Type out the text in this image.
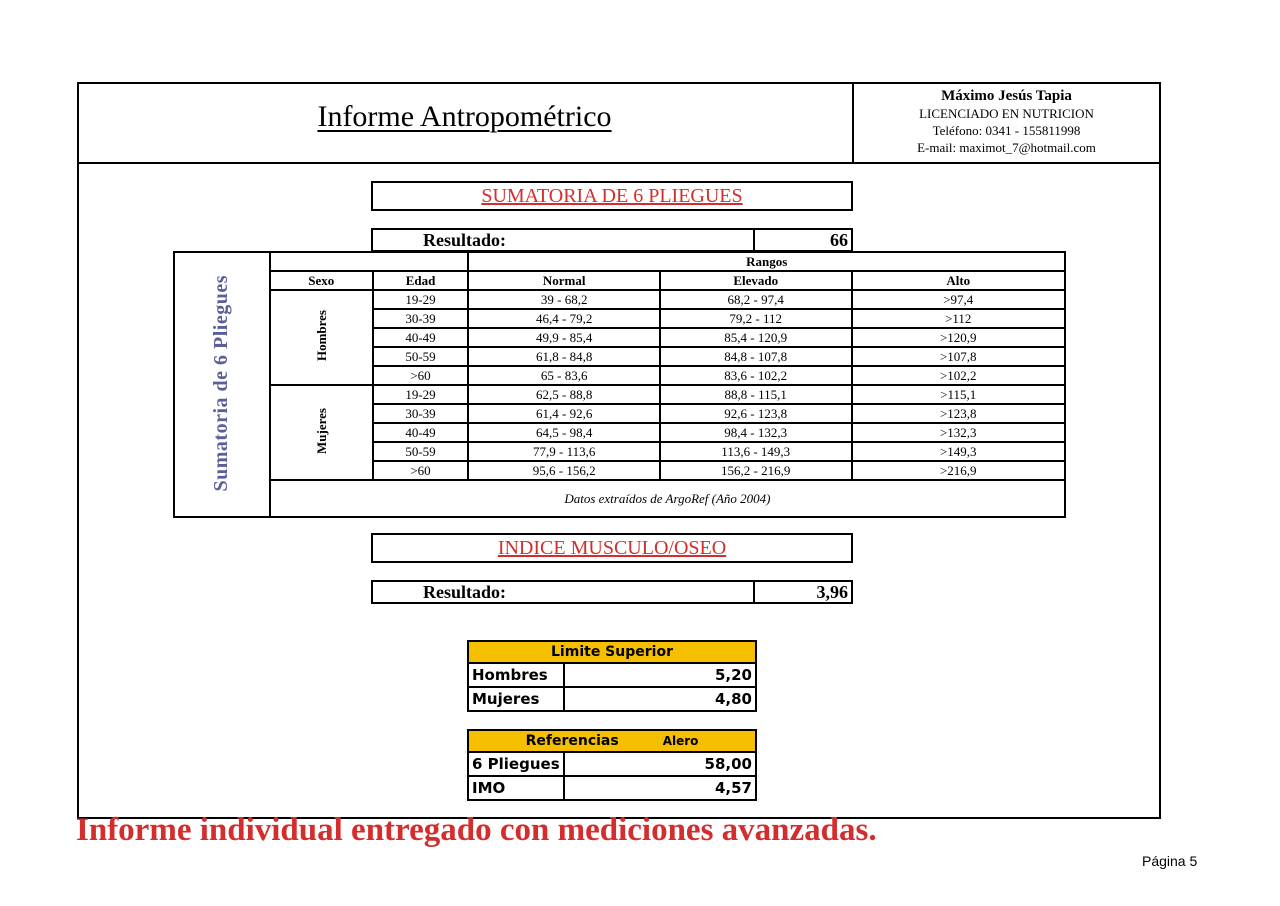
Informe Antropométrico
Máximo Jesús Tapia
LICENCIADO EN NUTRICION
Teléfono: 0341 - 155811998
E-mail: maximot_7@hotmail.com
SUMATORIA DE 6 PLIEGUES
Resultado:	66
Sumatoria de 6 Pliegues			Rangos		
	Sexo	Edad	Normal	Elevado	Alto
	Hombres	19-29	39 - 68,2	68,2 - 97,4	>97,4
		30-39	46,4 - 79,2	79,2 - 112	>112
		40-49	49,9 - 85,4	85,4 - 120,9	>120,9
		50-59	61,8 - 84,8	84,8 - 107,8	>107,8
		>60	65 - 83,6	83,6 - 102,2	>102,2
	Mujeres	19-29	62,5 - 88,8	88,8 - 115,1	>115,1
		30-39	61,4 - 92,6	92,6 - 123,8	>123,8
		40-49	64,5 - 98,4	98,4 - 132,3	>132,3
		50-59	77,9 - 113,6	113,6 - 149,3	>149,3
		>60	95,6 - 156,2	156,2 - 216,9	>216,9
	Datos extraídos de ArgoRef (Año 2004)				
INDICE MUSCULO/OSEO
Resultado:	3,96
Limite Superior	
Hombres	5,20
Mujeres	4,80
Referencias Alero	
6 Pliegues	58,00
IMO	4,57
Informe individual entregado con mediciones avanzadas.
Página 5
